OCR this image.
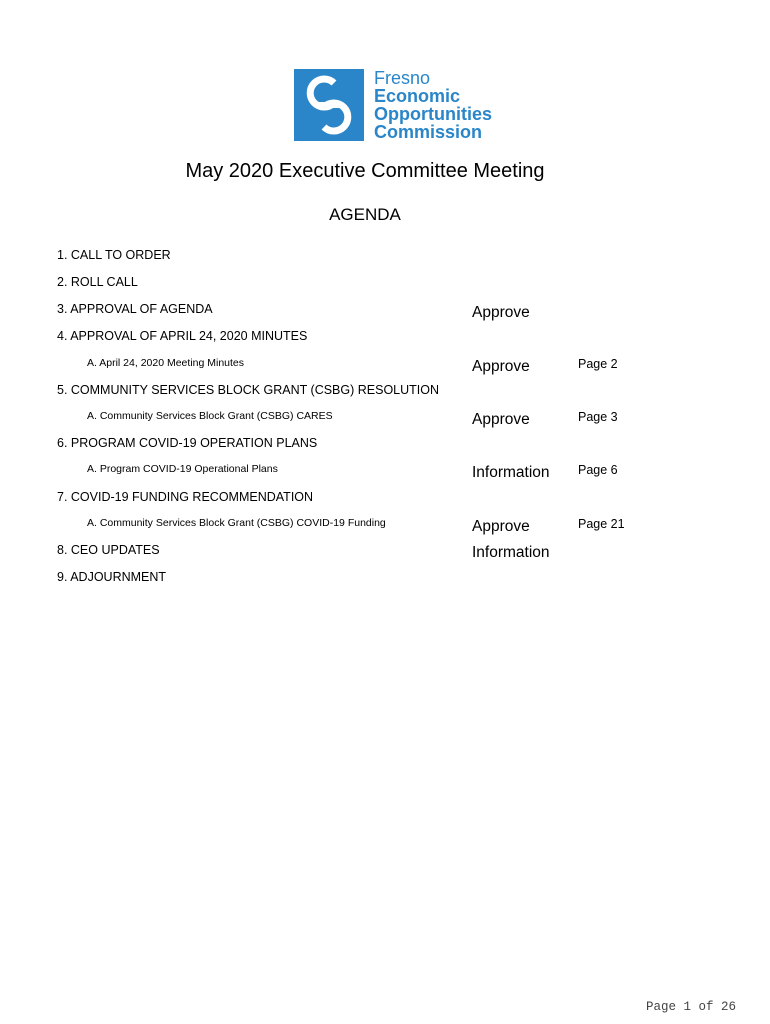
Fresno
Economic
Opportunities
Commission
May 2020 Executive Committee Meeting
AGENDA
1. CALL TO ORDER
2. ROLL CALL
3. APPROVAL OF AGENDA	Approve
4. APPROVAL OF APRIL 24, 2020 MINUTES
A. April 24, 2020 Meeting Minutes	Approve	Page 2
5. COMMUNITY SERVICES BLOCK GRANT (CSBG) RESOLUTION
A. Community Services Block Grant (CSBG) CARES	Approve	Page 3
6. PROGRAM COVID-19 OPERATION PLANS
A. Program COVID-19 Operational Plans	Information Page 6
7. COVID-19 FUNDING RECOMMENDATION
A. Community Services Block Grant (CSBG) COVID-19 Funding	Approve	Page 21
8. CEO UPDATES	Information
9. ADJOURNMENT
Page 1 of 26
